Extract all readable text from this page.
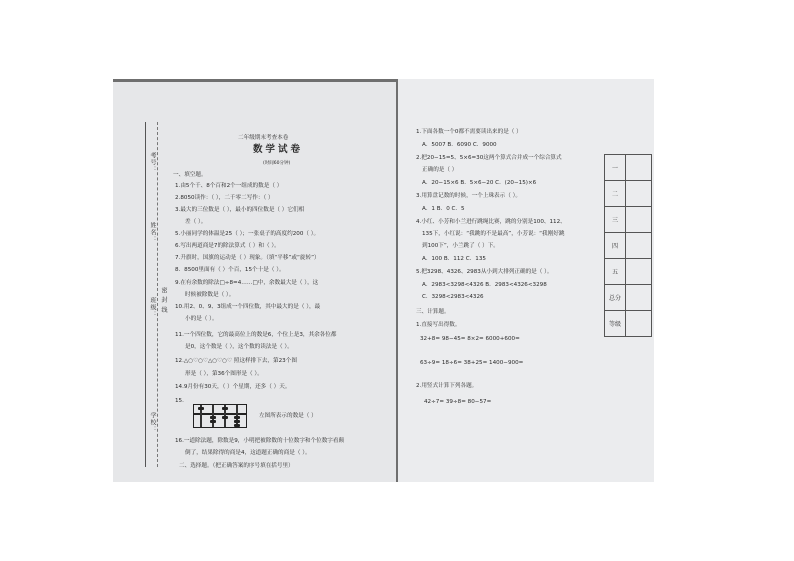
考号：
姓名：
班级：
学校：
密 封 线
二年级期末考查本卷
数学试卷
(时间60分钟)
一、填空题。
1.由5个千、8个百和2个一组成的数是（ ）
2.8050读作：（ ），二千零二写作：（ ）
3.最大的三位数是（ ），最小的四位数是（ ）它们相
差（ ）。
5.小丽同学的体温是25（ ）；一张桌子的高度约200（ ）。
6.写出两道商是7的除法算式（ ）和（ ）。
7.升旗时，国旗的运动是（ ）现象。（填“平移”或“旋转”）
8．8500里面有（ ）个百，15个十是（ ）。
9.在有余数的除法□÷8=4……□中，余数最大是（ ），这
时候被除数是（ ）。
10.用2、0、9、3组成一个四位数，其中最大的是（ ），最
小的是（ ）。
11.一个四位数，它的最高位上的数是6，个位上是3，其余各位都
是0，这个数是（ ），这个数的读法是（ ）。
12.△○♡○♡△○♡○♡ 照这样排下去，第23个图
形是（ ），第36个图形是（ ）。
14.9月份有30天，（ ）个星期，还多（ ）天。
15.
左图所表示的数是（ ）
16.一道除法题，除数是9，小明把被除数的十位数字和个位数字看颠
倒了，结果除得的商是4，这道题正确的商是（ ）。
二、选择题。（把正确答案的序号填在括号里）
1.下面各数一个0都不需要读出来的是（ ）
A．5007 B．6090 C．9000
2.把20−15=5、5×6=30这两个算式合并成一个综合算式
正确的是（ ）
A．20−15×6 B．5×6−20 C．(20−15)×6
3.用算盘记数的时候，一个上珠表示（ ）。
A．1 B．0 C．5
4.小红、小芳和小兰进行跳绳比赛，跳的分别是100、112、
135下，小红说：“我跳的不是最高”，小芳说：“我刚好跳
到100下”，小兰跳了（ ）下。
A．100 B．112 C．135
5.把3298、4326、2983从小到大排列正确的是（ ）。
A．2983<3298<4326 B．2983<4326<3298
C．3298<2983<4326
三、计算题。
1.直接写出得数。
32+8= 98−45= 8×2= 6000+600=
63÷9= 18÷6= 38+25= 1400−900=
2.用竖式计算下列各题。
42÷7= 39÷8= 80−57=
一	
二	
三	
四	
五	
总分	
等级	
